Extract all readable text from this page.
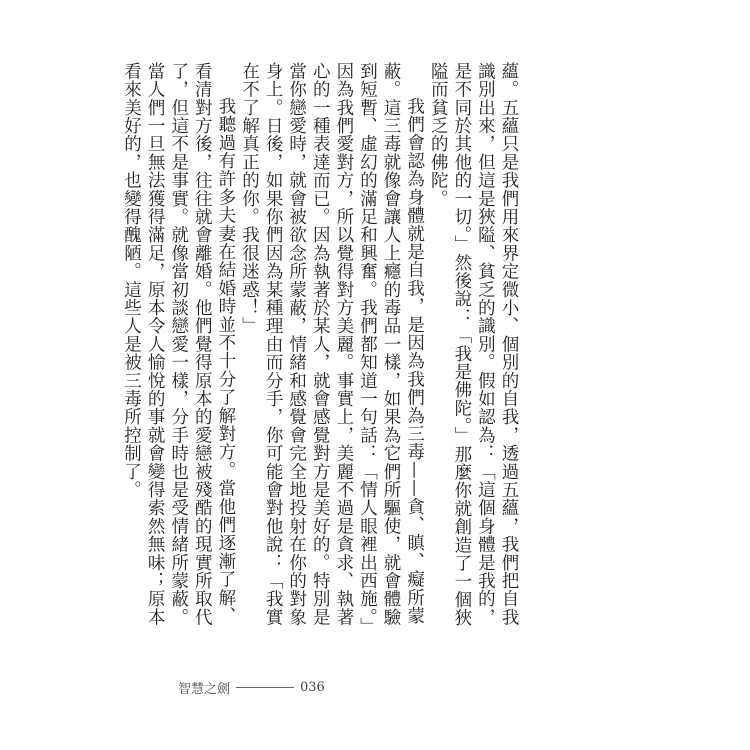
蘊。五蘊只是我們用來界定微小、個別的自我，透過五蘊，我們把自我識別出來，但這是狹隘、貧乏的識別。假如認為：「這個身體是我的，是不同於其他的一切。」然後說：「我是佛陀。」那麼你就創造了一個狹隘而貧乏的佛陀。

我們會認為身體就是自我，是因為我們為三毒——貪、瞋、癡所蒙蔽。這三毒就像會讓人上癮的毒品一樣，如果為它們所驅使，就會體驗到短暫、虛幻的滿足和興奮。我們都知道一句話：「情人眼裡出西施。」因為我們愛對方，所以覺得對方美麗。事實上，美麗不過是貪求、執著心的一種表達而已。因為執著於某人，就會感覺對方是美好的。特別是當你戀愛時，就會被欲念所蒙蔽，情緒和感覺會完全地投射在你的對象身上。日後，如果你們因為某種理由而分手，你可能會對他說：「我實在不了解真正的你。我很迷惑！」

我聽過有許多夫妻在結婚時並不十分了解對方。當他們逐漸了解、看清對方後，往往就會離婚。他們覺得原本的愛戀被殘酷的現實所取代了，但這不是事實。就像當初談戀愛一樣，分手時也是受情緒所蒙蔽。當人們一旦無法獲得滿足，原本令人愉悅的事就會變得索然無味；原本看來美好的，也變得醜陋。這些人是被三毒所控制了。

智慧之劍	036
